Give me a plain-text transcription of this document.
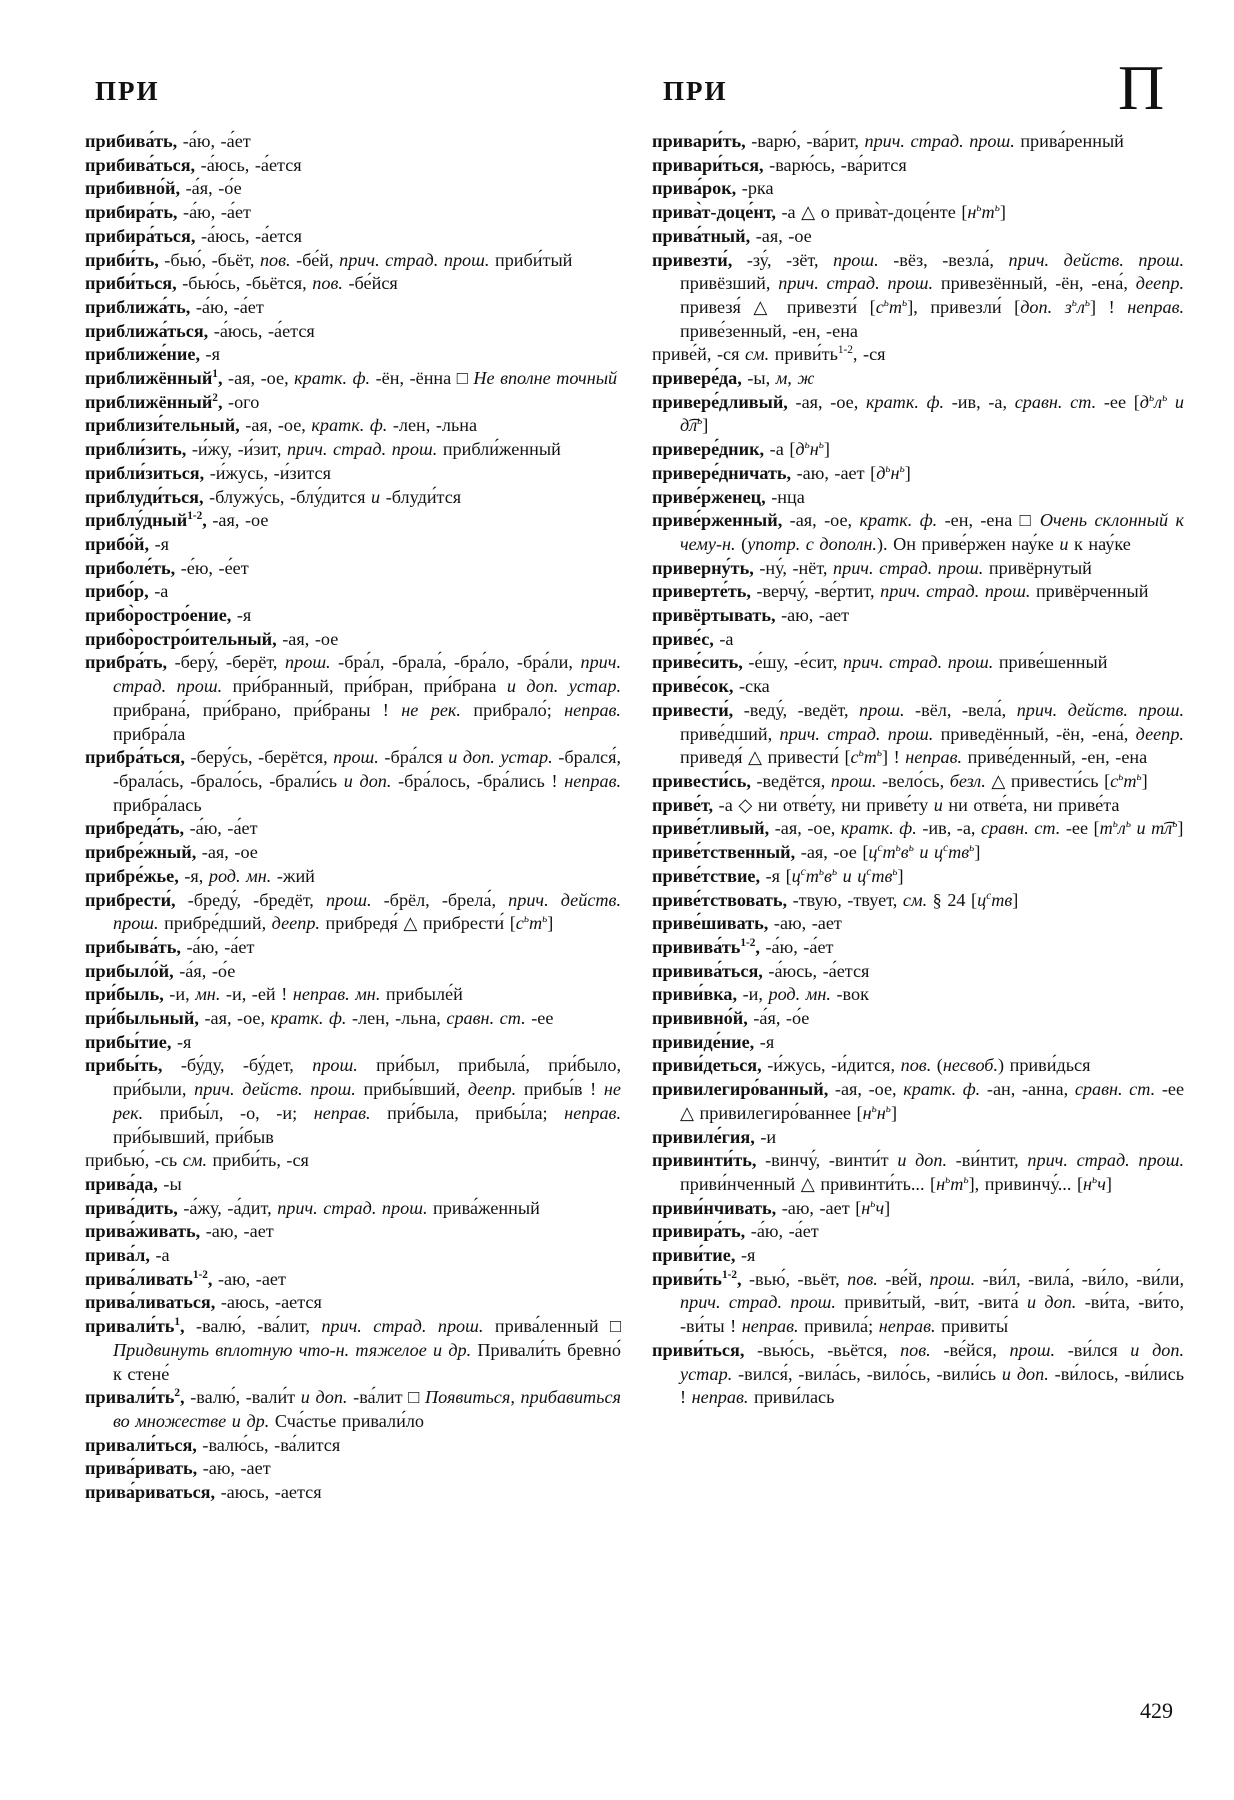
ПРИ	ПРИ	П

прибива́ть, -а́ю, -а́ет

прибива́ться, -а́юсь, -а́ется

прибивно́й, -а́я, -о́е

прибира́ть, -а́ю, -а́ет

прибира́ться, -а́юсь, -а́ется

приби́ть, -бью́, -бьёт, пов. -бе́й, прич. страд. прош. приби́тый

приби́ться, -бью́сь, -бьётся, пов. -бе́йся

приближа́ть, -а́ю, -а́ет

приближа́ться, -а́юсь, -а́ется

приближе́ние, -я

приближённый$^1$, -ая, -ое, кратк. ф. -ён, -ённа □ Не вполне точный

приближённый$^2$, -ого

приблизи́тельный, -ая, -ое, кратк. ф. -лен, -льна

прибли́зить, -и́жу, -и́зит, прич. страд. прош. прибли́женный

прибли́зиться, -и́жусь, -и́зится

приблуди́ться, -блужу́сь, -блу́дится и -блуди́тся

приблу́дный$^{1-2}$, -ая, -ое

прибо́й, -я

приболе́ть, -е́ю, -е́ет

прибо́р, -а

прибо̀ростро́ение, -я

прибо̀ростро́ительный, -ая, -ое

прибра́ть, -беру́, -берёт, прош. -бра́л, -брала́, -бра́ло, -бра́ли, прич. страд. прош. при́бранный, при́бран, при́брана и доп. устар. прибрана́, при́брано, при́браны ! не рек. прибрало́; неправ. прибра́ла

прибра́ться, -беру́сь, -берётся, прош. -бра́лся и доп. устар. -брался́, -брала́сь, -брало́сь, -брали́сь и доп. -бра́лось, -бра́лись ! неправ. прибра́лась

прибреда́ть, -а́ю, -а́ет

прибре́жный, -ая, -ое

прибре́жье, -я, род. мн. -жий

прибрести́, -бреду́, -бредёт, прош. -брёл, -брела́, прич. действ. прош. прибре́дший, деепр. прибредя́ △ прибрести́ $[с^ьт^ь]$

прибыва́ть, -а́ю, -а́ет

прибыло́й, -а́я, -о́е

при́быль, -и, мн. -и, -ей ! неправ. мн. прибыле́й

при́быльный, -ая, -ое, кратк. ф. -лен, -льна, сравн. ст. -ее

прибы́тие, -я

прибы́ть, -бу́ду, -бу́дет, прош. при́был, прибыла́, при́было, при́были, прич. действ. прош. прибы́вший, деепр. прибы́в ! не рек. прибы́л, -о, -и; неправ. при́была, прибы́ла; неправ. при́бывший, при́быв

прибью́, -сь см. приби́ть, -ся

прива́да, -ы

прива́дить, -а́жу, -а́дит, прич. страд. прош. прива́женный

прива́живать, -аю, -ает

прива́л, -а

прива́ливать$^{1-2}$, -аю, -ает

прива́ливаться, -аюсь, -ается

$привали́ть^1$, -валю́, -ва́лит, прич. страд. прош. прива́ленный □ Придвинуть вплотную что-н. тяжелое и др. Привали́ть бревно́ к стене́

$привали́ть^2$, -валю́, -вали́т и доп. -ва́лит □ Появиться, прибавиться во множестве и др. Сча́стье привали́ло

привали́ться, -валю́сь, -ва́лится

прива́ривать, -аю, -ает

прива́риваться, -аюсь, -ается

привари́ть, -варю́, -ва́рит, прич. страд. прош. прива́ренный

привари́ться, -варю́сь, -ва́рится

прива́рок, -рка

прива̀т-доце́нт, -а △ о прива̀т-доце́нте $[н^ьт^ь]$

прива́тный, -ая, -ое

привезти́, -зу́, -зёт, прош. -вёз, -везла́, прич. действ. прош. привёзший, прич. страд. прош. привезённый, -ён, -ена́, деепр. привезя́ △ привезти́ $[с^ьт^ь]$, привезли́ [доп. $з^ьл^ь$] ! неправ. приве́зенный, -ен, -ена

приве́й, -ся см. $приви́ть^{1-2}$, -ся

привере́да, -ы, м, ж

привере́дливый, -ая, -ое, кратк. ф. -ив, -а, сравн. ст. -ее [$д^ьл^ь$ и $д͡л^ь$]

привере́дник, -а $[д^ьн^ь]$

привере́дничать, -аю, -ает $[д^ьн^ь]$

приве́рженец, -нца

приве́рженный, -ая, -ое, кратк. ф. -ен, -ена □ Очень склонный к чему-н. (употр. с дополн.). Он приве́ржен нау́ке и к нау́ке

приверну́ть, -ну́, -нёт, прич. страд. прош. привёрнутый

приверте́ть, -верчу́, -ве́ртит, прич. страд. прош. привёрченный

привёртывать, -аю, -ает

приве́с, -а

приве́сить, -е́шу, -е́сит, прич. страд. прош. приве́шенный

приве́сок, -ска

привести́, -веду́, -ведёт, прош. -вёл, -вела́, прич. действ. прош. приве́дший, прич. страд. прош. приведённый, -ён, -ена́, деепр. приведя́ △ привести́ $[с^ьт^ь]$ ! неправ. приве́денный, -ен, -ена

привести́сь, -ведётся, прош. -вело́сь, безл. △ привести́сь $[с^ьт^ь]$

приве́т, -а ◇ ни отве́ту, ни приве́ту и ни отве́та, ни приве́та

приве́тливый, -ая, -ое, кратк. ф. -ив, -а, сравн. ст. -ее [$т^ьл^ь$ и $т͡л^ь$]

приве́тственный, -ая, -ое [$ц^ст^ьв^ь$ и $ц^ств^ь$]

приве́тствие, -я [$ц^ст^ьв^ь$ и $ц^ств^ь$]

приве́тствовать, -твую, -твует, см. § 24 $[ц^ств]$

приве́шивать, -аю, -ает

$привива́ть^{1-2}$, -а́ю, -а́ет

привива́ться, -а́юсь, -а́ется

приви́вка, -и, род. мн. -вок

прививно́й, -а́я, -о́е

привиде́ние, -я

приви́деться, -и́жусь, -и́дится, пов. (несвоб.) приви́дься

привилегиро́ванный, -ая, -ое, кратк. ф. -ан, -анна, сравн. ст. -ее △ привилегиро́ваннее $[н^ьн^ь]$

привиле́гия, -и

привинти́ть, -винчу́, -винти́т и доп. -ви́нтит, прич. страд. прош. приви́нченный △ привинти́ть... $[н^ьт^ь]$, привинчу́... $[н^ьч]$

приви́нчивать, -аю, -ает $[н^ьч]$

привира́ть, -а́ю, -а́ет

приви́тие, -я

$приви́ть^{1-2}$, -вью́, -вьёт, пов. -ве́й, прош. -ви́л, -вила́, -ви́ло, -ви́ли, прич. страд. прош. приви́тый, -ви́т, -вита́ и доп. -ви́та, -ви́то, -ви́ты ! неправ. привила́; неправ. привиты́

приви́ться, -вью́сь, -вьётся, пов. -ве́йся, прош. -ви́лся и доп. устар. -вился́, -вила́сь, -вило́сь, -вили́сь и доп. -ви́лось, -ви́лись ! неправ. приви́лась

429
